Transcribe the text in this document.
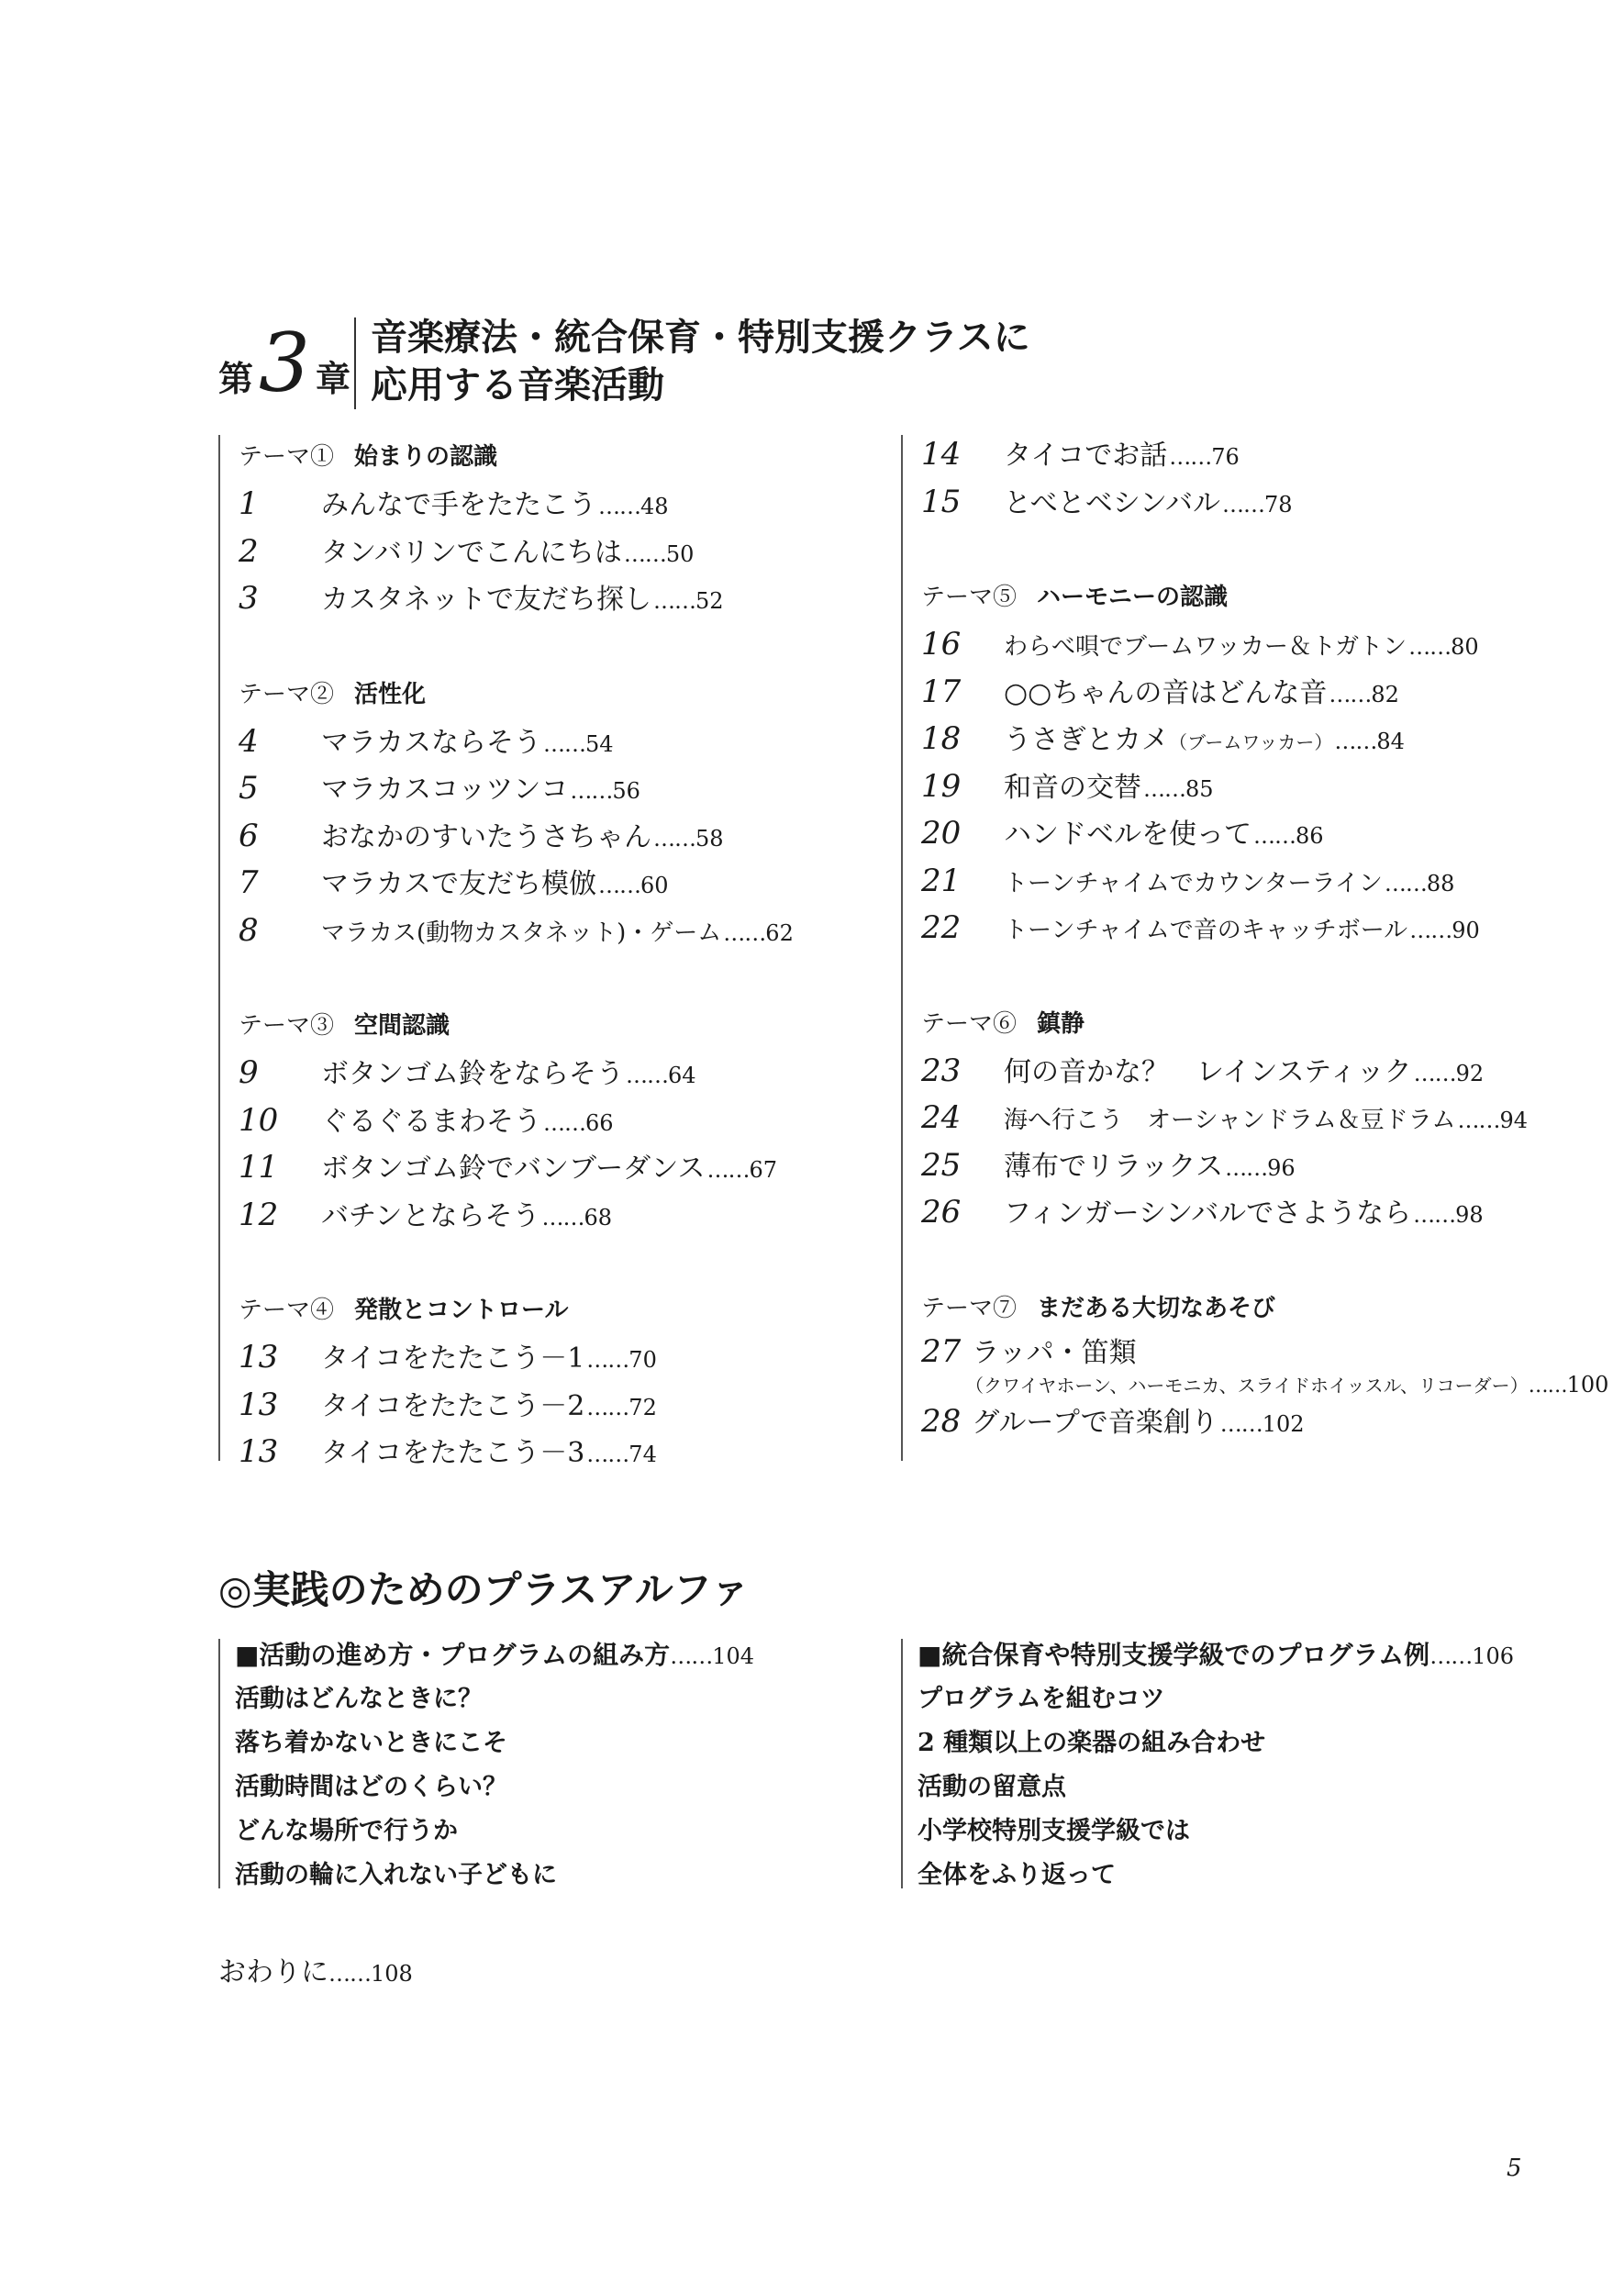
第 3 章
音楽療法・統合保育・特別支援クラスに
応用する音楽活動
テーマ① 始まりの認識
1	みんなで手をたたこう …… 48
2	タンバリンでこんにちは …… 50
3	カスタネットで友だち探し …… 52
テーマ② 活性化
4	マラカスならそう …… 54
5	マラカスコッツンコ …… 56
6	おなかのすいたうさちゃん …… 58
7	マラカスで友だち模倣 …… 60
8	マラカス(動物カスタネット)・ゲーム …… 62
テーマ③ 空間認識
9	ボタンゴム鈴をならそう …… 64
10	ぐるぐるまわそう …… 66
11	ボタンゴム鈴でバンブーダンス …… 67
12	バチンとならそう …… 68
テーマ④ 発散とコントロール
13	タイコをたたこう－1 …… 70
13	タイコをたたこう－2 …… 72
13	タイコをたたこう－3 …… 74
14	タイコでお話 …… 76
15	とべとベシンバル …… 78
テーマ⑤ ハーモニーの認識
16	わらべ唄でブームワッカー＆トガトン …… 80
17	○○ちゃんの音はどんな音 …… 82
18	うさぎとカメ （ブームワッカー） …… 84
19	和音の交替 …… 85
20	ハンドベルを使って …… 86
21	トーンチャイムでカウンターライン …… 88
22	トーンチャイムで音のキャッチボール …… 90
テーマ⑥ 鎮静
23	何の音かな？　レインスティック …… 92
24	海へ行こう　オーシャンドラム＆豆ドラム …… 94
25	薄布でリラックス …… 96
26	フィンガーシンバルでさようなら …… 98
テーマ⑦ まだある大切なあそび
27 ラッパ・笛類
（クワイヤホーン、ハーモニカ、スライドホイッスル、リコーダー）……100
28 グループで音楽創り …… 102
◎実践のためのプラスアルファ
■活動の進め方・プログラムの組み方……104
活動はどんなときに？
落ち着かないときにこそ
活動時間はどのくらい？
どんな場所で行うか
活動の輪に入れない子どもに
■統合保育や特別支援学級でのプログラム例……106
プログラムを組むコツ
2 種類以上の楽器の組み合わせ
活動の留意点
小学校特別支援学級では
全体をふり返って
おわりに……108
5
